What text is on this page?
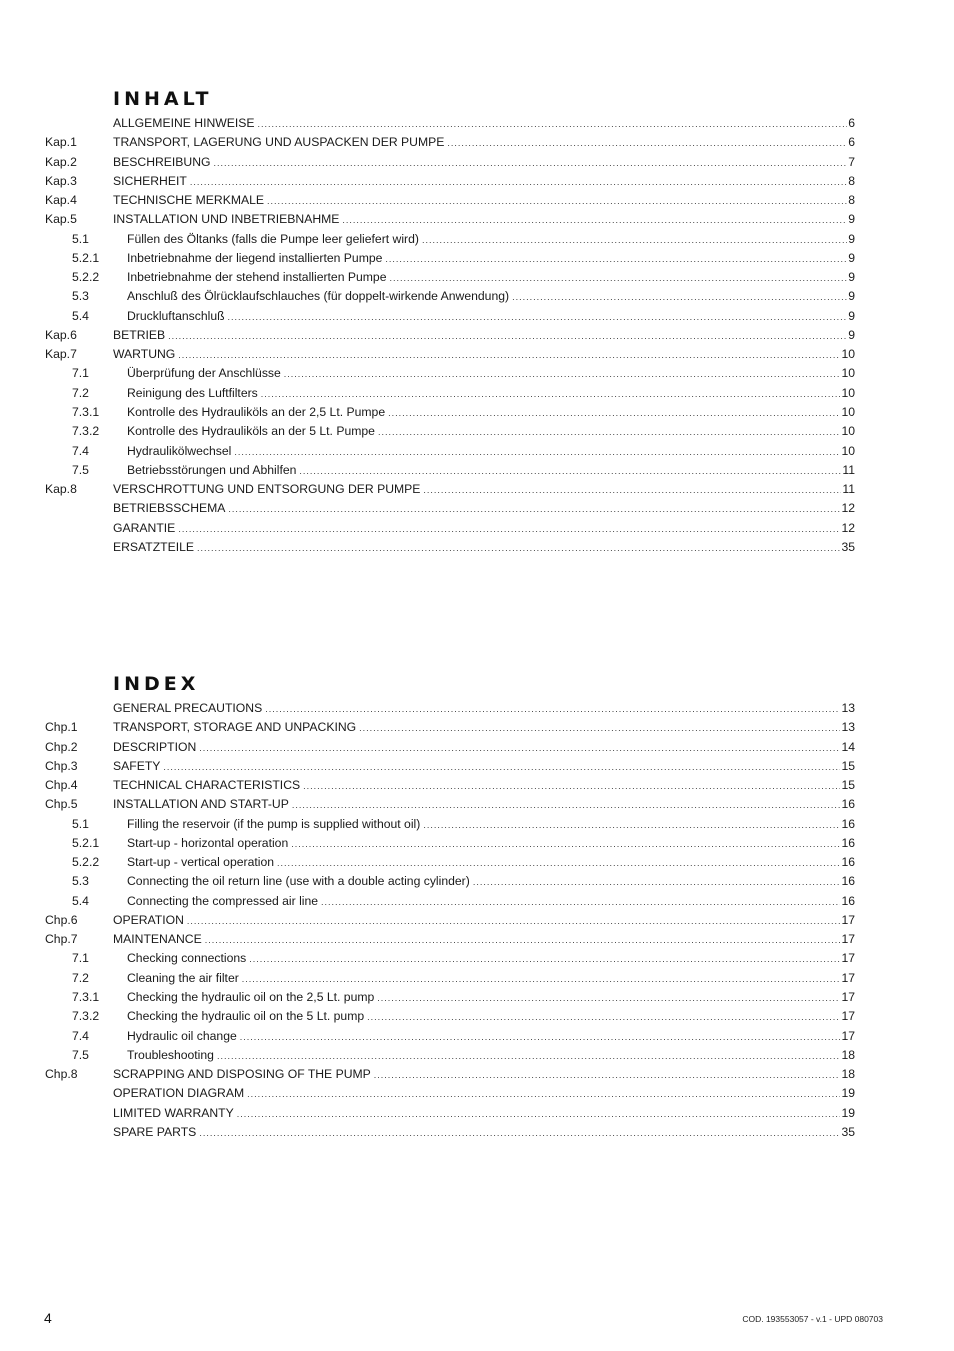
INHALT
ALLGEMEINE HINWEISE .....	6
Kap.1	TRANSPORT, LAGERUNG UND AUSPACKEN DER PUMPE .....	6
Kap.2	BESCHREIBUNG .....	7
Kap.3	SICHERHEIT .....	8
Kap.4	TECHNISCHE MERKMALE .....	8
Kap.5	INSTALLATION UND INBETRIEBNAHME .....	9
5.1	Füllen des Öltanks (falls die Pumpe leer geliefert wird) .....	9
5.2.1 Inbetriebnahme der liegend installierten Pumpe .....	9
5.2.2 Inbetriebnahme der stehend installierten Pumpe .....	9
5.3	Anschluß des Ölrücklaufschlauches (für doppelt-wirkende Anwendung) .....	9
5.4	Druckluftanschluß .....	9
Kap.6	BETRIEB .....	9
Kap.7	WARTUNG .....	10
7.1	Überprüfung der Anschlüsse .....	10
7.2	Reinigung des Luftfilters .....	10
7.3.1 Kontrolle des Hydrauliköls an der 2,5 Lt. Pumpe .....	10
7.3.2 Kontrolle des Hydrauliköls an der 5 Lt. Pumpe .....	10
7.4	Hydraulikölwechsel .....	10
7.5	Betriebsstörungen und Abhilfen .....	11
Kap.8	VERSCHROTTUNG UND ENTSORGUNG DER PUMPE .....	11
BETRIEBSSCHEMA .....	12
GARANTIE .....	12
ERSATZTEILE .....	35
INDEX
GENERAL PRECAUTIONS .....	13
Chp.1	TRANSPORT, STORAGE AND UNPACKING .....	13
Chp.2	DESCRIPTION .....	14
Chp.3	SAFETY .....	15
Chp.4	TECHNICAL CHARACTERISTICS .....	15
Chp.5	INSTALLATION AND START-UP .....	16
5.1	Filling the reservoir (if the pump is supplied without oil) .....	16
5.2.1 Start-up - horizontal operation .....	16
5.2.2 Start-up - vertical operation .....	16
5.3	Connecting the oil return line (use with a double acting cylinder) .....	16
5.4	Connecting the compressed air line .....	16
Chp.6	OPERATION .....	17
Chp.7	MAINTENANCE .....	17
7.1	Checking connections .....	17
7.2	Cleaning the air filter .....	17
7.3.1 Checking the hydraulic oil on the 2,5 Lt. pump .....	17
7.3.2 Checking the hydraulic oil on the 5 Lt. pump .....	17
7.4	Hydraulic oil change .....	17
7.5	Troubleshooting .....	18
Chp.8	SCRAPPING AND DISPOSING OF THE PUMP .....	18
OPERATION DIAGRAM .....	19
LIMITED WARRANTY .....	19
SPARE PARTS .....	35
4	COD. 193553057 - v.1 - UPD 080703
